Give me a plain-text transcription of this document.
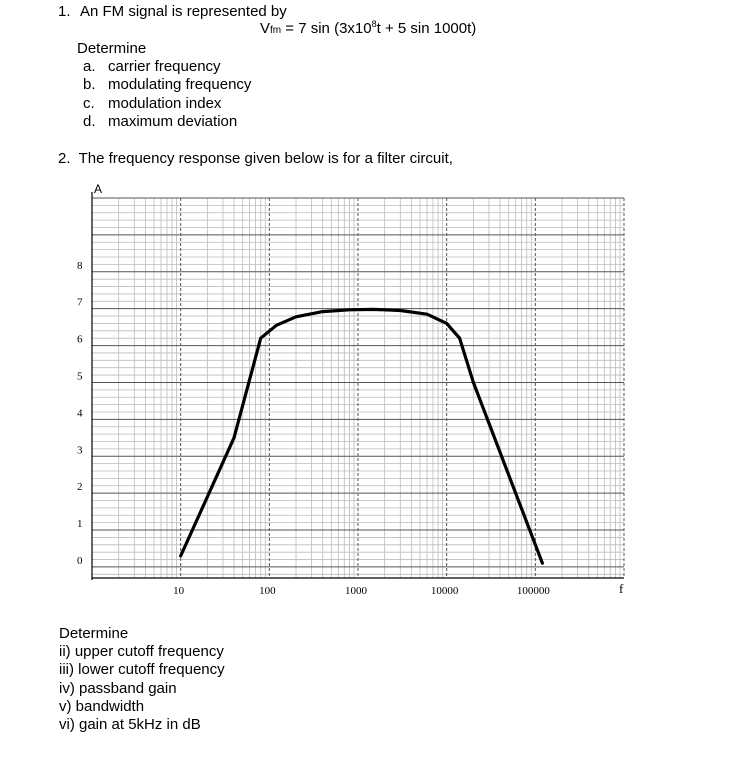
1. An FM signal is represented by
Vfm = 7 $\sin (3x10^8t + 5$ sin 1000t)
Determine
a. carrier frequency
b. modulating frequency
c. modulation index
d. maximum deviation
2. The frequency response given below is for a filter circuit,
A
f
0
1
2
3
4
5
6
7
8
10	100	1000	10000	100000
Determine
ii) upper cutoff frequency
iii) lower cutoff frequency
iv) passband gain
v) bandwidth
vi) gain at 5kHz in dB
